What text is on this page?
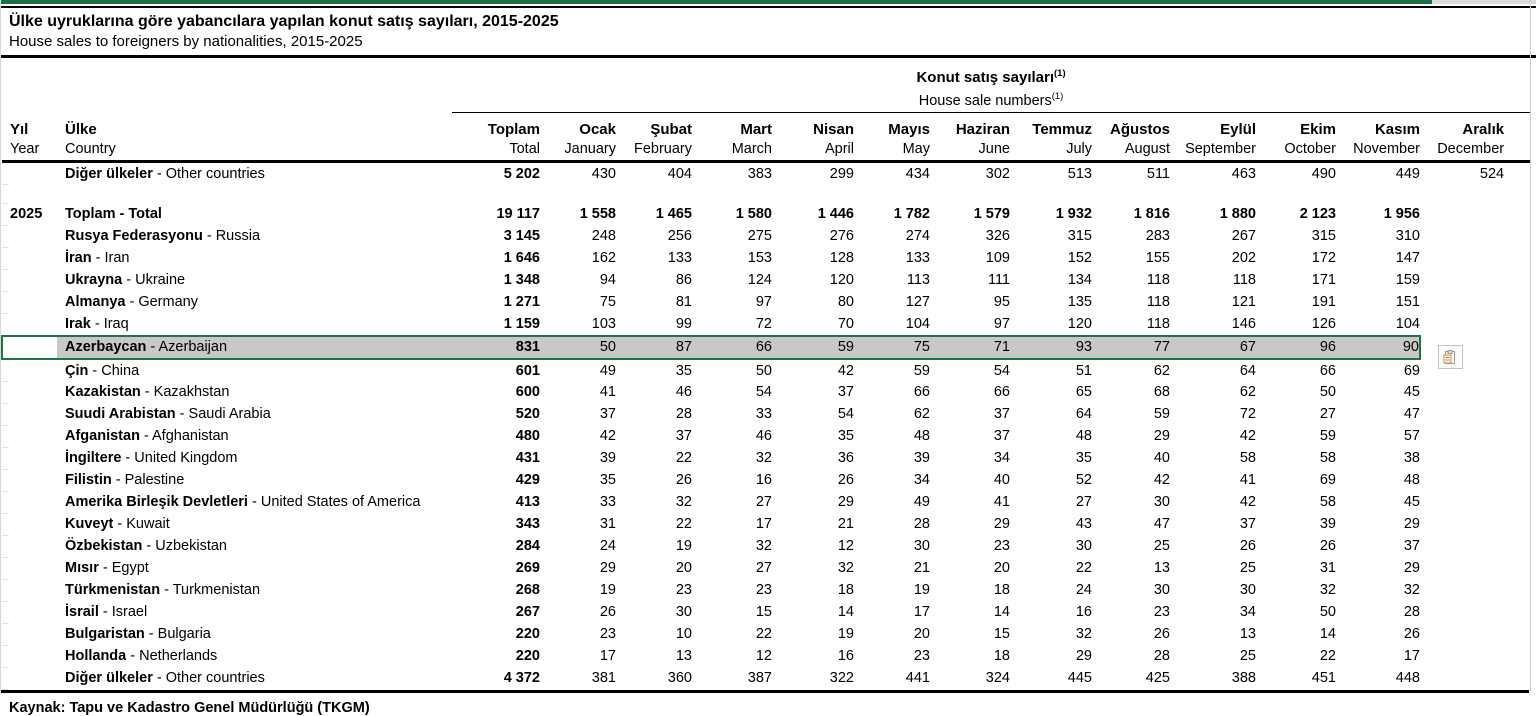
Ülke uyruklarına göre yabancılara yapılan konut satış sayıları, 2015-2025
House sales to foreigners by nationalities, 2015-2025

			Konut satış sayıları$^{(1)}$
House sale numbers$^{(1)}$

	Yıl	Ülke	Toplam	Ocak	Şubat	Mart	Nisan	Mayıs	Haziran	Temmuz	Ağustos	Eylül	Ekim	Kasım	Aralık
	Year	Country	Total	January	February	March	April	May	June	July	August	September	October	November	December
		Diğer ülkeler - Other countries	5 202	430	404	383	299	434	302	513	511	463	490	449	524

	2025	Toplam - Total	19 117	1 558	1 465	1 580	1 446	1 782	1 579	1 932	1 816	1 880	2 123	1 956	
		Rusya Federasyonu - Russia	3 145	248	256	275	276	274	326	315	283	267	315	310	
		İran - Iran	1 646	162	133	153	128	133	109	152	155	202	172	147	
		Ukrayna - Ukraine	1 348	94	86	124	120	113	111	134	118	118	171	159	
		Almanya - Germany	1 271	75	81	97	80	127	95	135	118	121	191	151	
		Irak - Iraq	1 159	103	99	72	70	104	97	120	118	146	126	104	
		Azerbaycan - Azerbaijan	831	50	87	66	59	75	71	93	77	67	96	90	
		Çin - China	601	49	35	50	42	59	54	51	62	64	66	69	
		Kazakistan - Kazakhstan	600	41	46	54	37	66	66	65	68	62	50	45	
		Suudi Arabistan - Saudi Arabia	520	37	28	33	54	62	37	64	59	72	27	47	
		Afganistan - Afghanistan	480	42	37	46	35	48	37	48	29	42	59	57	
		İngiltere - United Kingdom	431	39	22	32	36	39	34	35	40	58	58	38	
		Filistin - Palestine	429	35	26	16	26	34	40	52	42	41	69	48	
		Amerika Birleşik Devletleri - United States of America	413	33	32	27	29	49	41	27	30	42	58	45	
		Kuveyt - Kuwait	343	31	22	17	21	28	29	43	47	37	39	29	
		Özbekistan - Uzbekistan	284	24	19	32	12	30	23	30	25	26	26	37	
		Mısır - Egypt	269	29	20	27	32	21	20	22	13	25	31	29	
		Türkmenistan - Turkmenistan	268	19	23	23	18	19	18	24	30	30	32	32	
		İsrail - Israel	267	26	30	15	14	17	14	16	23	34	50	28	
		Bulgaristan - Bulgaria	220	23	10	22	19	20	15	32	26	13	14	26	
		Hollanda - Netherlands	220	17	13	12	16	23	18	29	28	25	22	17	
		Diğer ülkeler - Other countries	4 372	381	360	387	322	441	324	445	425	388	451	448	
Kaynak: Tapu ve Kadastro Genel Müdürlüğü (TKGM)
